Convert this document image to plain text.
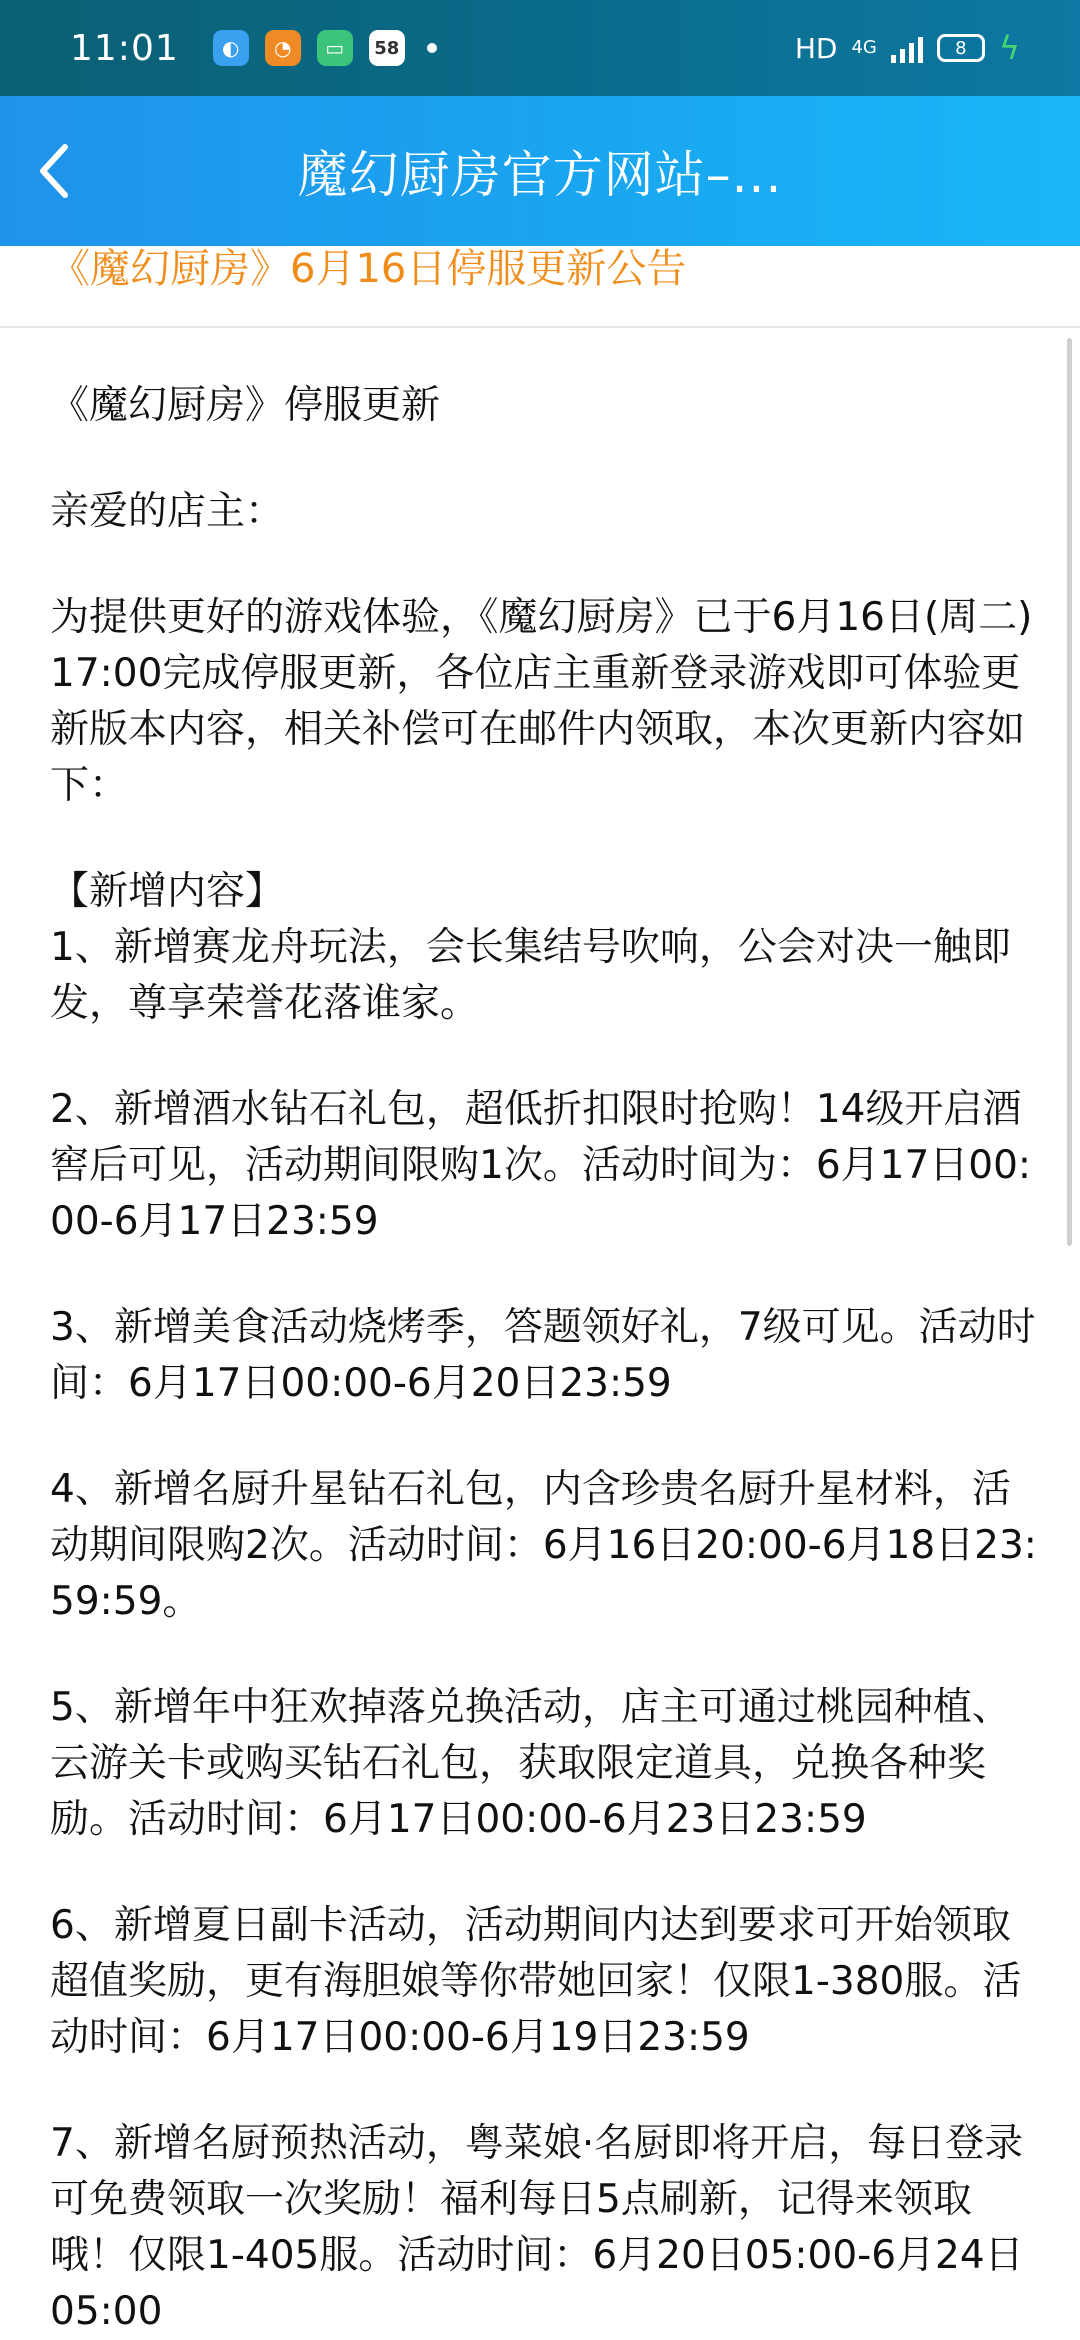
11:01	◐	◔	▭	58	HD 4G	8 ϟ
魔幻厨房官方网站–...
《魔幻厨房》6月16日停服更新公告

《魔幻厨房》停服更新

亲爱的店主：

为提供更好的游戏体验，《魔幻厨房》已于6月16日(周二)17:00完成停服更新，各位店主重新登录游戏即可体验更新版本内容，相关补偿可在邮件内领取，本次更新内容如下：

【新增内容】

1、新增赛龙舟玩法，会长集结号吹响，公会对决一触即发，尊享荣誉花落谁家。

2、新增酒水钻石礼包，超低折扣限时抢购！14级开启酒窖后可见，活动期间限购1次。活动时间为：6月17日00:00-6月17日23:59

3、新增美食活动烧烤季，答题领好礼，7级可见。活动时间：6月17日00:00-6月20日23:59

4、新增名厨升星钻石礼包，内含珍贵名厨升星材料，活动期间限购2次。活动时间：6月16日20:00-6月18日23:59:59。

5、新增年中狂欢掉落兑换活动，店主可通过桃园种植、云游关卡或购买钻石礼包，获取限定道具，兑换各种奖励。活动时间：6月17日00:00-6月23日23:59

6、新增夏日副卡活动，活动期间内达到要求可开始领取超值奖励，更有海胆娘等你带她回家！仅限1-380服。活动时间：6月17日00:00-6月19日23:59

7、新增名厨预热活动，粤菜娘·名厨即将开启，每日登录可免费领取一次奖励！福利每日5点刷新，记得来领取哦！仅限1-405服。活动时间：6月20日05:00-6月24日05:00
